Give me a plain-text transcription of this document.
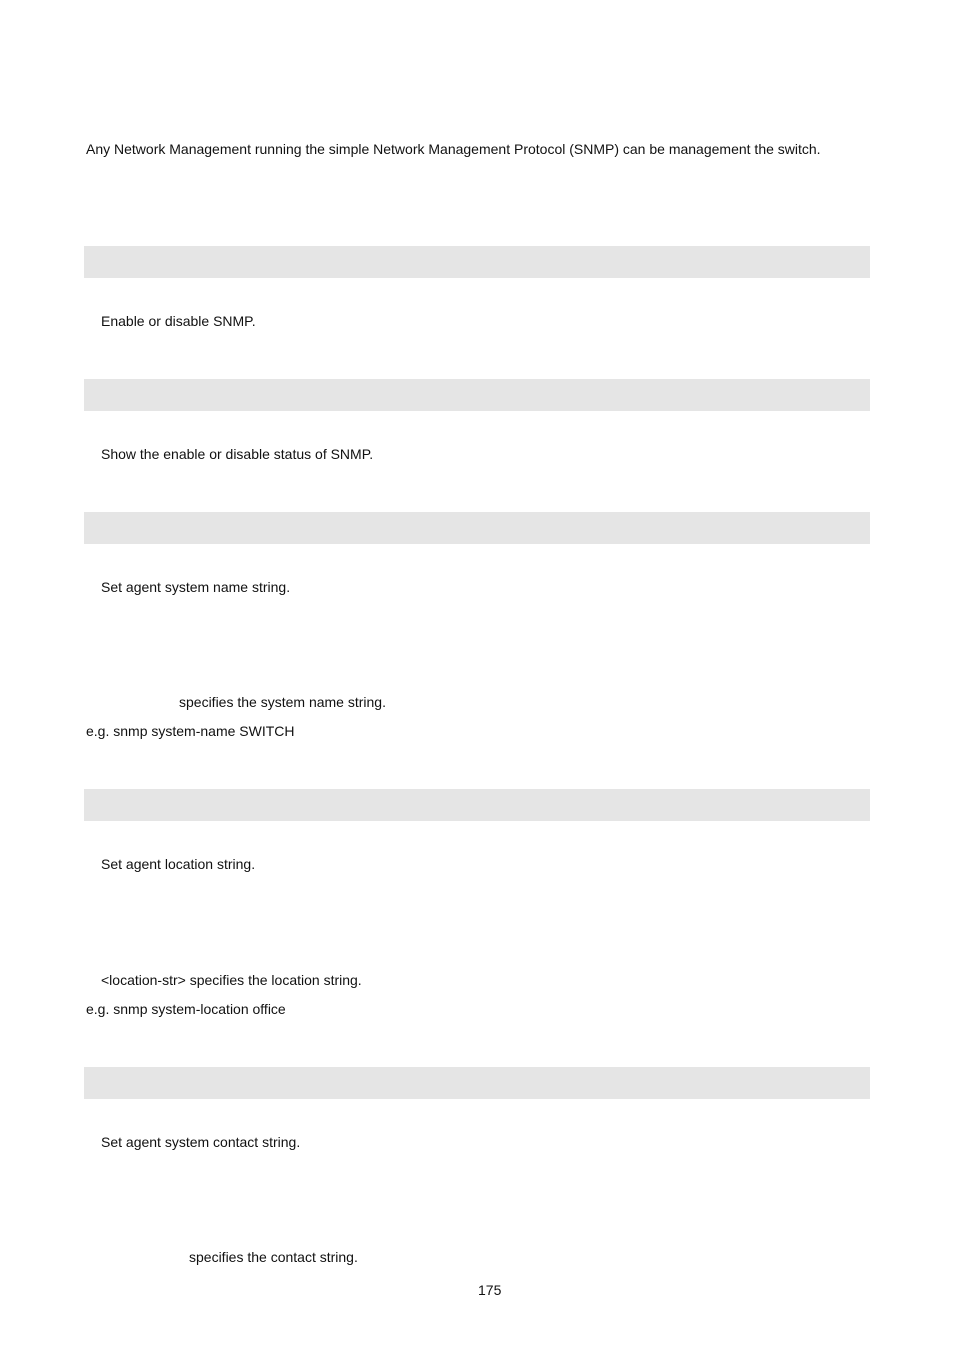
Any Network Management running the simple Network Management Protocol (SNMP) can be management the switch.
Enable or disable SNMP.
Show the enable or disable status of SNMP.
Set agent system name string.
specifies the system name string.
e.g. snmp system-name SWITCH
Set agent location string.
<location-str> specifies the location string.
e.g. snmp system-location office
Set agent system contact string.
specifies the contact string.
175
